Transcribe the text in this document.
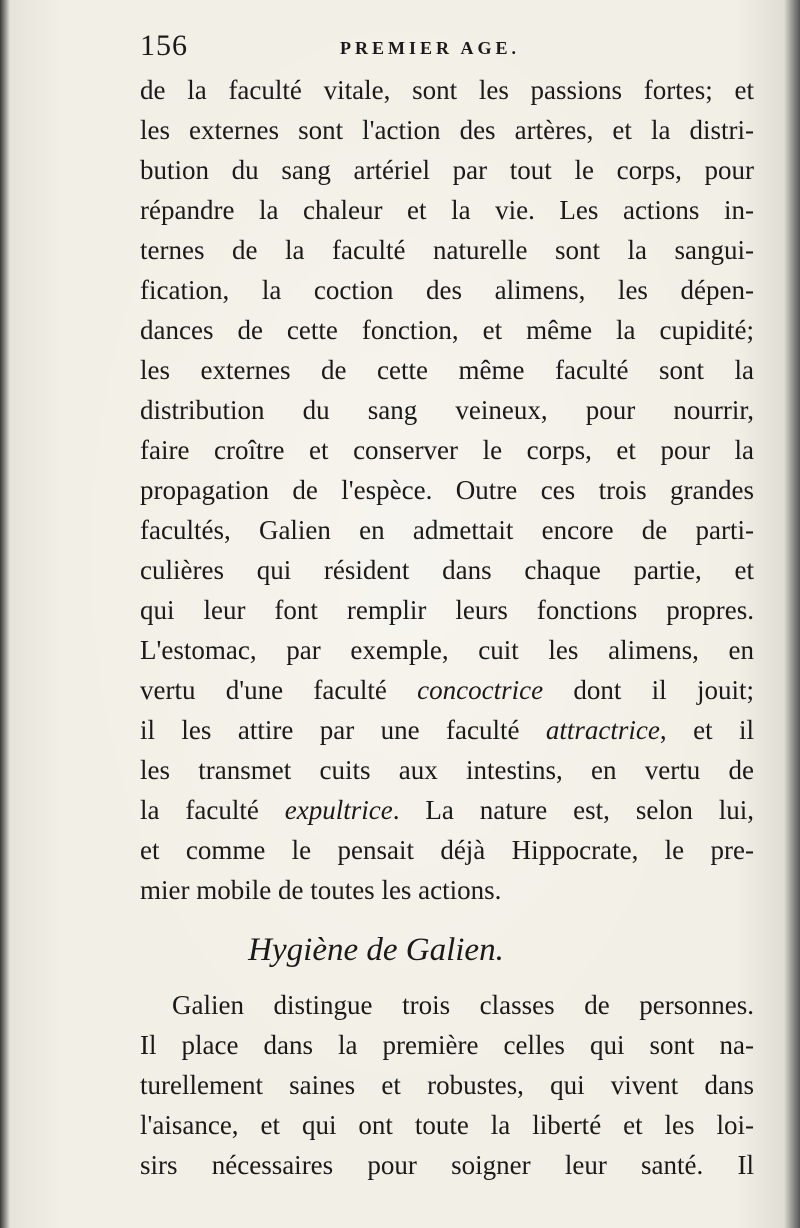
156	PREMIER AGE.
de la faculté vitale, sont les passions fortes; et
les externes sont l'action des artères, et la distri-
bution du sang artériel par tout le corps, pour
répandre la chaleur et la vie. Les actions in-
ternes de la faculté naturelle sont la sangui-
fication, la coction des alimens, les dépen-
dances de cette fonction, et même la cupidité;
les externes de cette même faculté sont la
distribution du sang veineux, pour nourrir,
faire croître et conserver le corps, et pour la
propagation de l'espèce. Outre ces trois grandes
facultés, Galien en admettait encore de parti-
culières qui résident dans chaque partie, et
qui leur font remplir leurs fonctions propres.
L'estomac, par exemple, cuit les alimens, en
vertu d'une faculté concoctrice dont il jouit;
il les attire par une faculté attractrice, et il
les transmet cuits aux intestins, en vertu de
la faculté expultrice. La nature est, selon lui,
et comme le pensait déjà Hippocrate, le pre-
mier mobile de toutes les actions.
Hygiène de Galien.
Galien distingue trois classes de personnes.
Il place dans la première celles qui sont na-
turellement saines et robustes, qui vivent dans
l'aisance, et qui ont toute la liberté et les loi-
sirs nécessaires pour soigner leur santé. Il
